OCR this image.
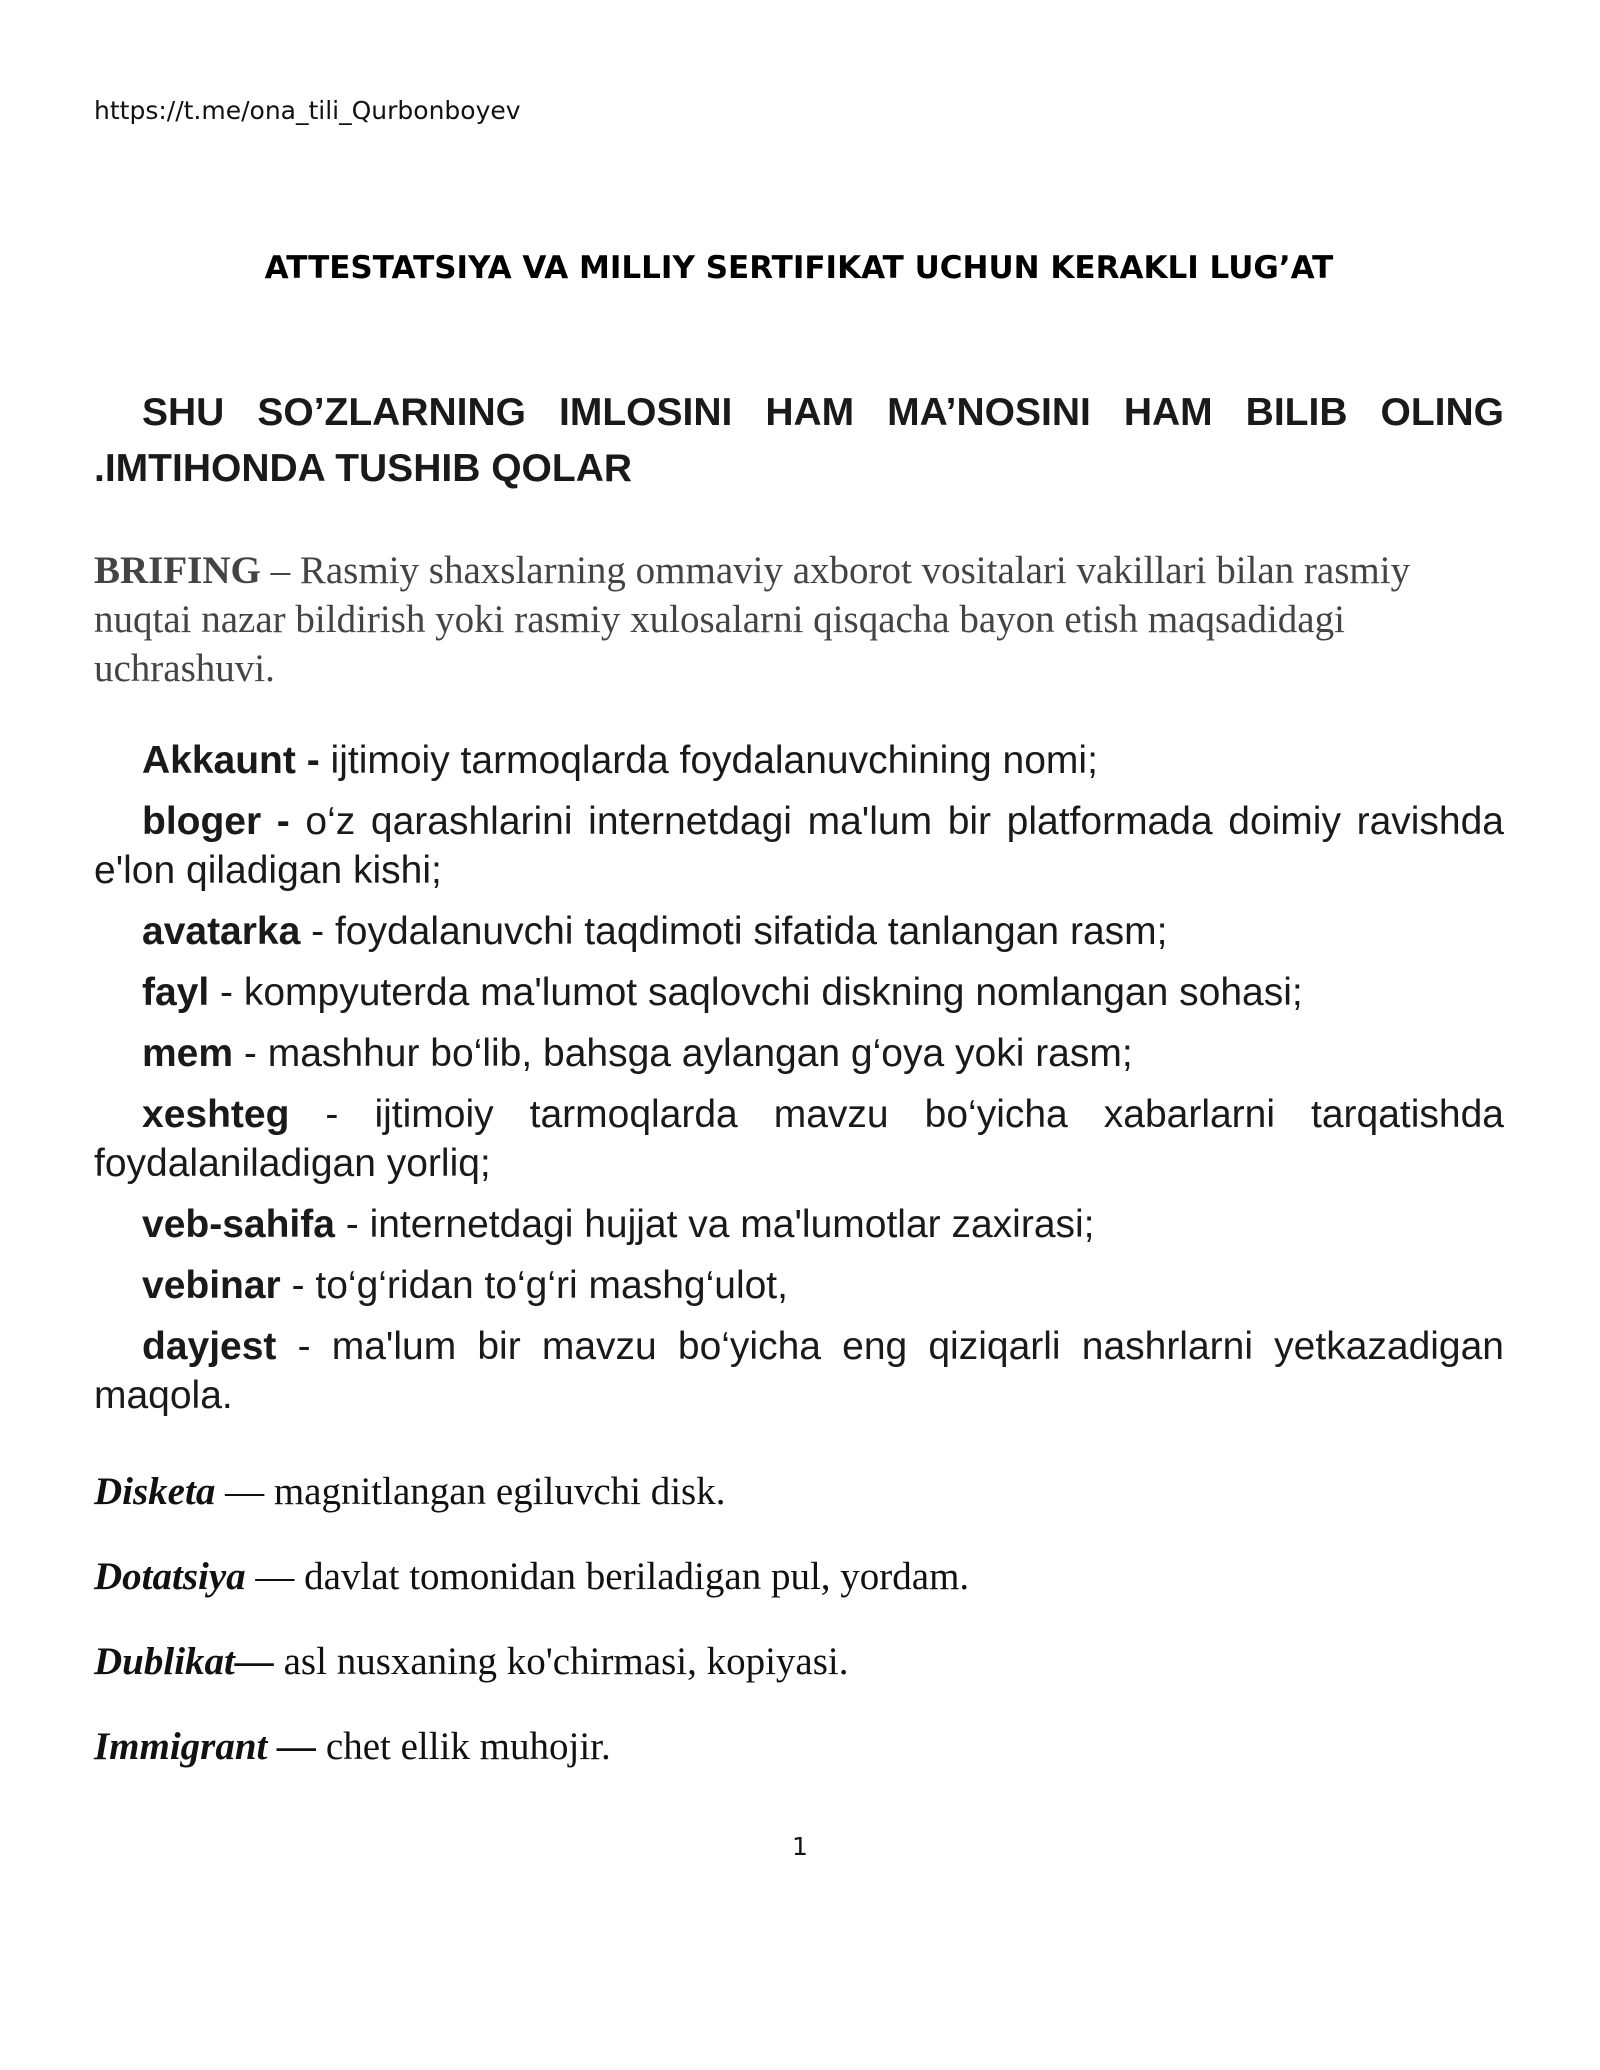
https://t.me/ona_tili_Qurbonboyev
ATTESTATSIYA VA MILLIY SERTIFIKAT UCHUN KERAKLI LUG’AT
SHU SO’ZLARNING IMLOSINI HAM MA’NOSINI HAM BILIB OLING .IMTIHONDA TUSHIB QOLAR
BRIFING – Rasmiy shaxslarning ommaviy axborot vositalari vakillari bilan rasmiy nuqtai nazar bildirish yoki rasmiy xulosalarni qisqacha bayon etish maqsadidagi uchrashuvi.

Akkaunt - ijtimoiy tarmoqlarda foydalanuvchining nomi;

bloger - o‘z qarashlarini internetdagi ma'lum bir platformada doimiy ravishda e'lon qiladigan kishi;

avatarka - foydalanuvchi taqdimoti sifatida tanlangan rasm;

fayl - kompyuterda ma'lumot saqlovchi diskning nomlangan sohasi;

mem - mashhur bo‘lib, bahsga aylangan g‘oya yoki rasm;

xeshteg - ijtimoiy tarmoqlarda mavzu bo‘yicha xabarlarni tarqatishda foydalaniladigan yorliq;

veb-sahifa - internetdagi hujjat va ma'lumotlar zaxirasi;

vebinar - to‘g‘ridan to‘g‘ri mashg‘ulot,

dayjest - ma'lum bir mavzu bo‘yicha eng qiziqarli nashrlarni yetkazadigan maqola.

Disketa — magnitlangan egiluvchi disk.

Dotatsiya — davlat tomonidan beriladigan pul, yordam.

Dublikat— asl nusxaning ko'chirmasi, kopiyasi.

Immigrant — chet ellik muhojir.

1
